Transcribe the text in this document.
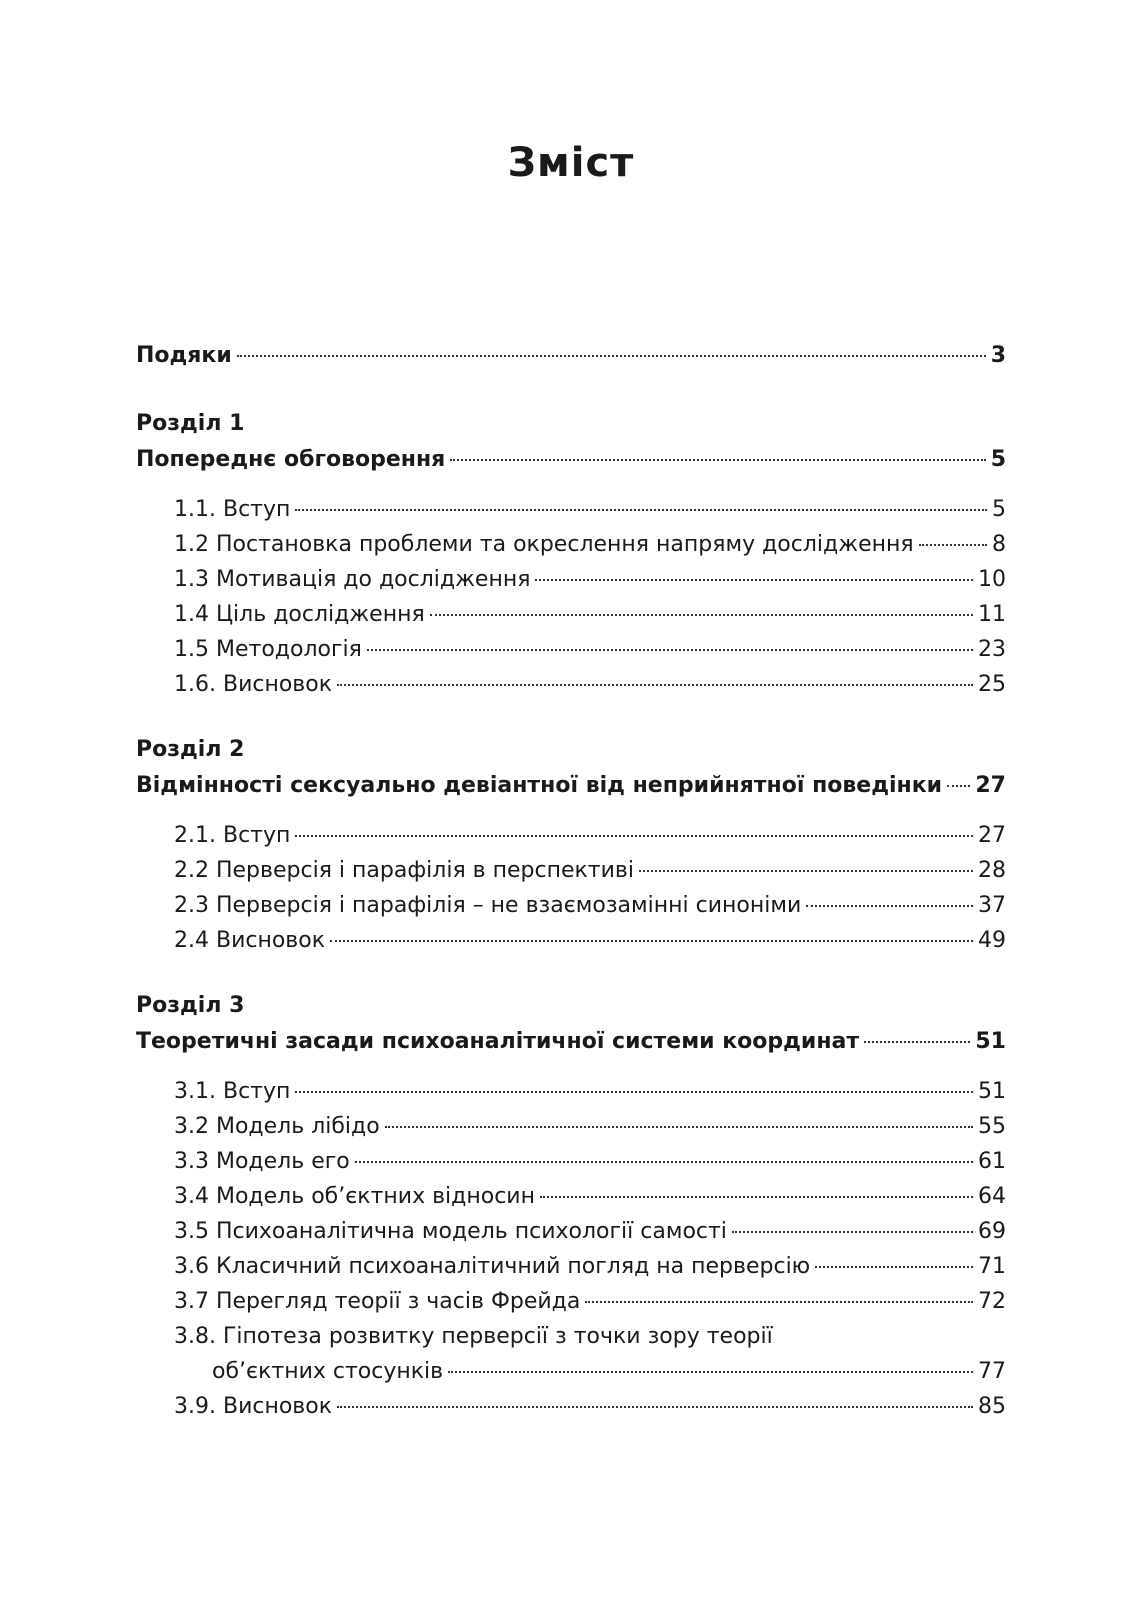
Зміст
Подяки	3
Розділ 1
Попереднє обговорення	5
1.1. Вступ	5
1.2 Постановка проблеми та окреслення напряму дослідження	8
1.3 Мотивація до дослідження	10
1.4 Ціль дослідження	11
1.5 Методологія	23
1.6. Висновок	25
Розділ 2
Відмінності сексуально девіантної від неприйнятної поведінки 27
2.1. Вступ	27
2.2 Перверсія і парафілія в перспективі	28
2.3 Перверсія і парафілія – не взаємозамінні синоніми	37
2.4 Висновок	49
Розділ 3
Теоретичні засади психоаналітичної системи координат	51
3.1. Вступ	51
3.2 Модель лібідо	55
3.3 Модель его	61
3.4 Модель об’єктних відносин	64
3.5 Психоаналітична модель психології самості	69
3.6 Класичний психоаналітичний погляд на перверсію	71
3.7 Перегляд теорії з часів Фрейда	72
3.8. Гіпотеза розвитку перверсії з точки зору теорії
об’єктних стосунків	77
3.9. Висновок	85
